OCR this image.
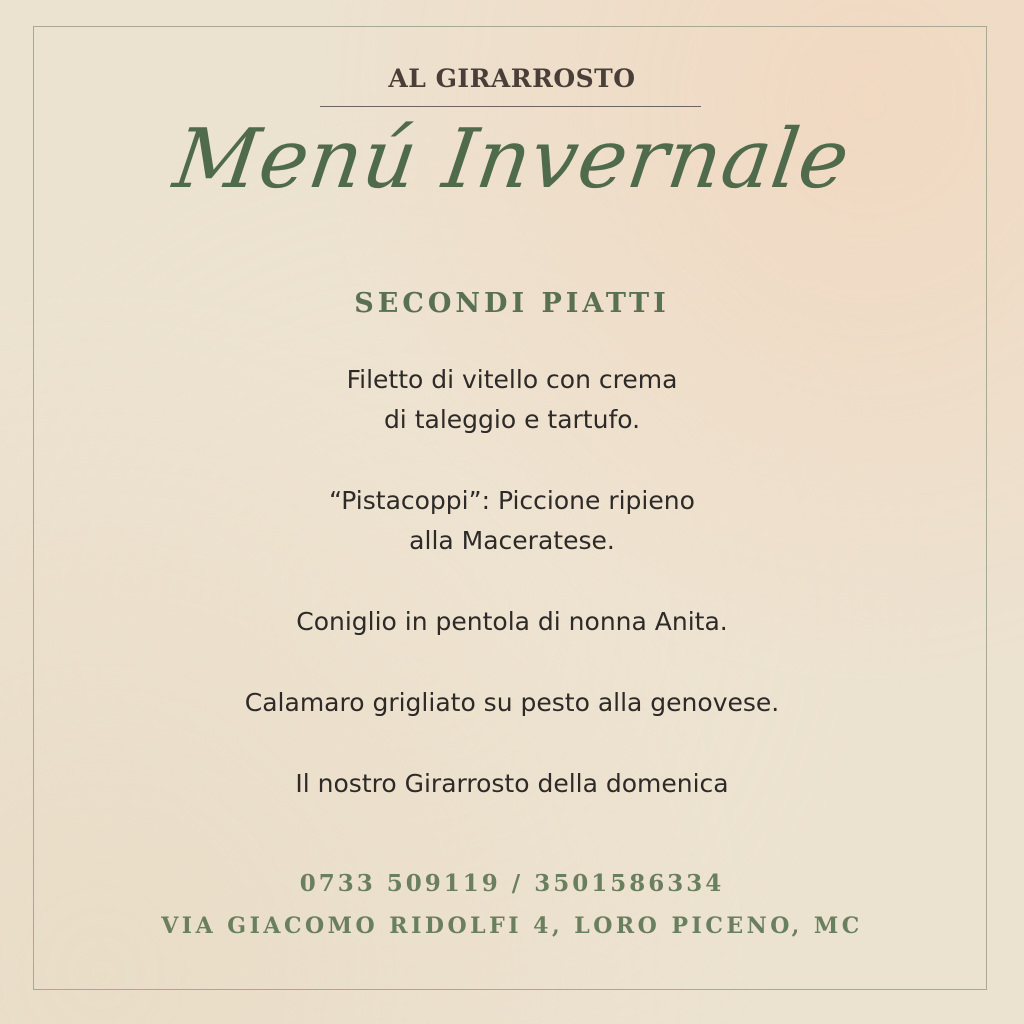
AL GIRARROSTO
Menú Invernale
SECONDI PIATTI

Filetto di vitello con crema
di taleggio e tartufo.

“Pistacoppi”: Piccione ripieno
alla Maceratese.

Coniglio in pentola di nonna Anita.

Calamaro grigliato su pesto alla genovese.

Il nostro Girarrosto della domenica

0733 509119 / 3501586334
VIA GIACOMO RIDOLFI 4, LORO PICENO, MC
